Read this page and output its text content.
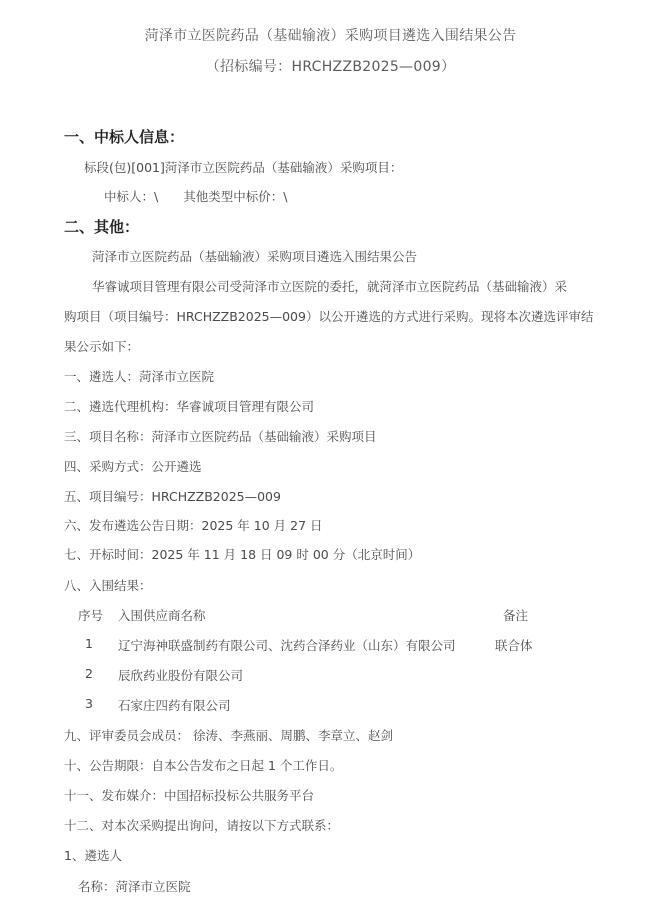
菏泽市立医院药品（基础输液）采购项目遴选入围结果公告
（招标编号：HRCHZZB2025—009）
一、中标人信息：
标段(包)[001]菏泽市立医院药品（基础输液）采购项目：
中标人：\　　其他类型中标价：\
二、其他：
菏泽市立医院药品（基础输液）采购项目遴选入围结果公告
华睿诚项目管理有限公司受菏泽市立医院的委托，就菏泽市立医院药品（基础输液）采
购项目（项目编号：HRCHZZB2025—009）以公开遴选的方式进行采购。现将本次遴选评审结
果公示如下：
一、遴选人：菏泽市立医院
二、遴选代理机构：华睿诚项目管理有限公司
三、项目名称：菏泽市立医院药品（基础输液）采购项目
四、采购方式：公开遴选
五、项目编号：HRCHZZB2025—009
六、发布遴选公告日期：2025 年 10 月 27 日
七、开标时间：2025 年 11 月 18 日 09 时 00 分（北京时间）
八、入围结果：
序号 入围供应商名称	备注
1 辽宁海神联盛制药有限公司、沈药合泽药业（山东）有限公司	联合体
2 辰欣药业股份有限公司
3 石家庄四药有限公司
九、评审委员会成员： 徐涛、李燕丽、周鹏、李章立、赵剑
十、公告期限：自本公告发布之日起 1 个工作日。
十一、发布媒介：中国招标投标公共服务平台
十二、对本次采购提出询问，请按以下方式联系：
1、遴选人
名称：菏泽市立医院
